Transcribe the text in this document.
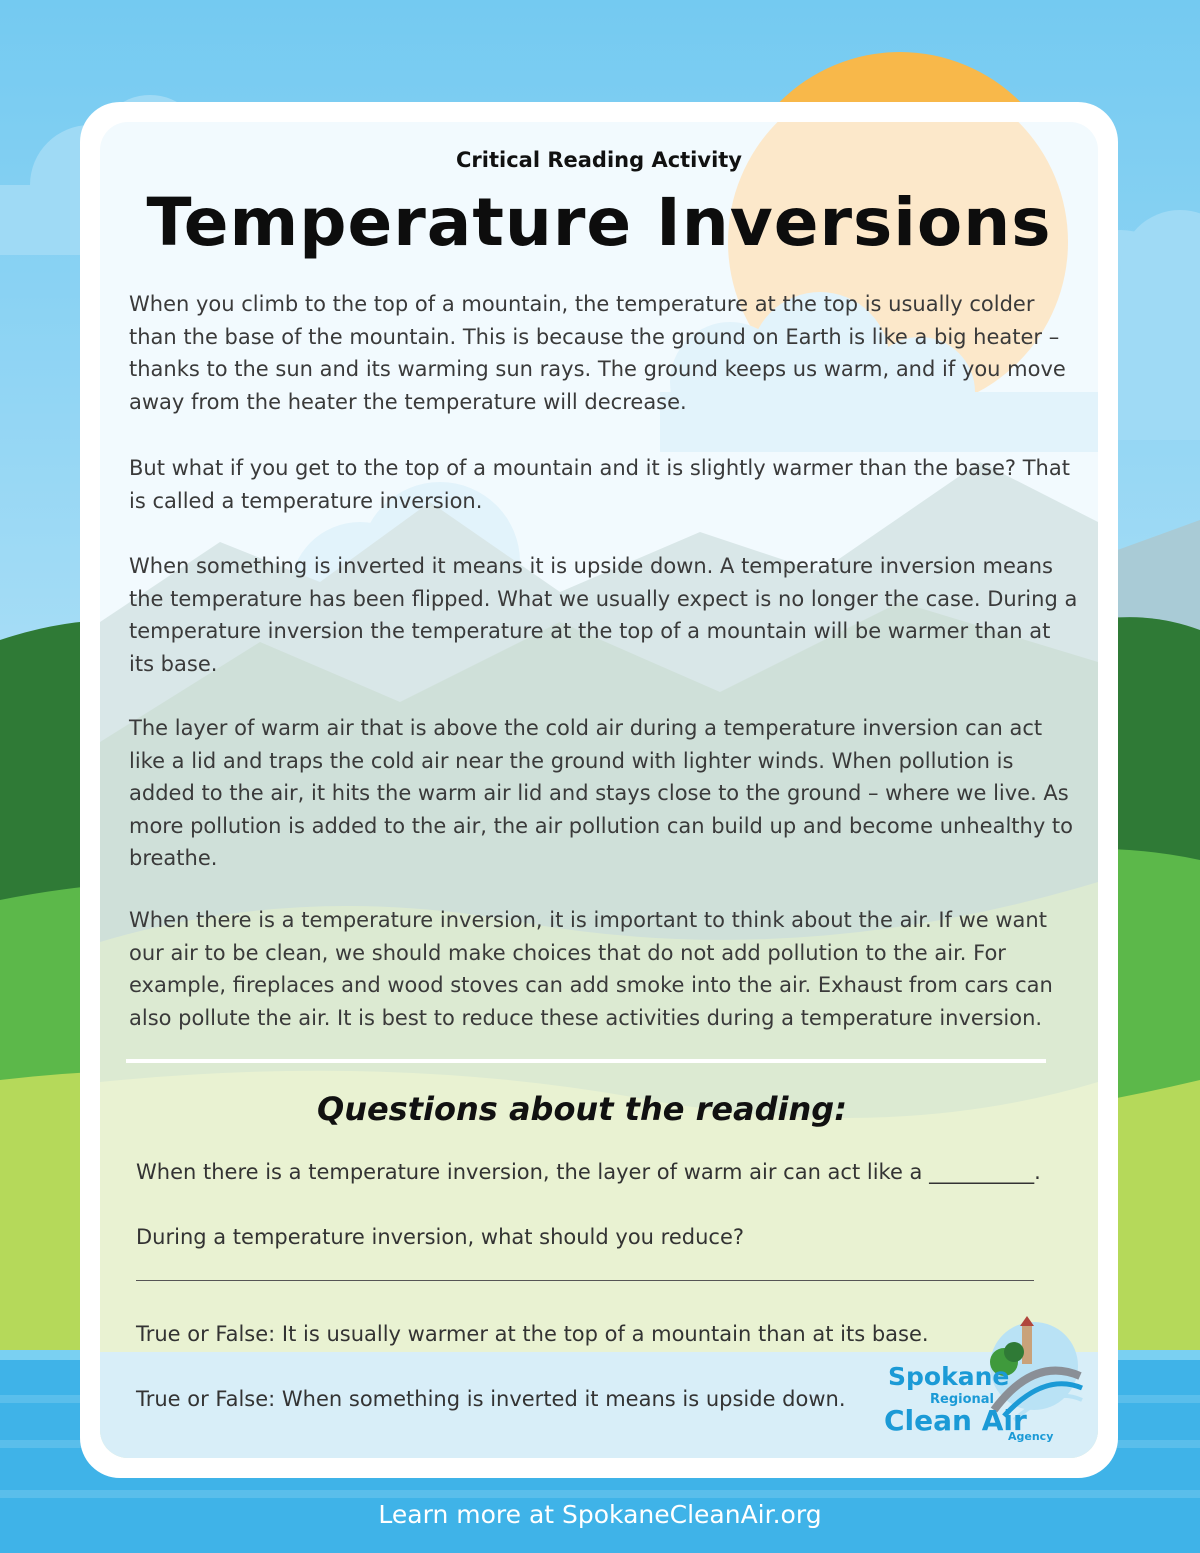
Critical Reading Activity
Temperature Inversions

When you climb to the top of a mountain, the temperature at the top is usually colder than the base of the mountain. This is because the ground on Earth is like a big heater – thanks to the sun and its warming sun rays. The ground keeps us warm, and if you move away from the heater the temperature will decrease.

But what if you get to the top of a mountain and it is slightly warmer than the base? That is called a temperature inversion.

When something is inverted it means it is upside down. A temperature inversion means the temperature has been flipped. What we usually expect is no longer the case. During a temperature inversion the temperature at the top of a mountain will be warmer than at its base.

The layer of warm air that is above the cold air during a temperature inversion can act like a lid and traps the cold air near the ground with lighter winds. When pollution is added to the air, it hits the warm air lid and stays close to the ground – where we live. As more pollution is added to the air, the air pollution can build up and become unhealthy to breathe.

When there is a temperature inversion, it is important to think about the air. If we want our air to be clean, we should make choices that do not add pollution to the air. For example, fireplaces and wood stoves can add smoke into the air. Exhaust from cars can also pollute the air. It is best to reduce these activities during a temperature inversion.

Questions about the reading:

When there is a temperature inversion, the layer of warm air can act like a __________.

During a temperature inversion, what should you reduce?

True or False: It is usually warmer at the top of a mountain than at its base.

True or False: When something is inverted it means is upside down.

Spokane
Regional
Clean Air
Agency
Learn more at SpokaneCleanAir.org
